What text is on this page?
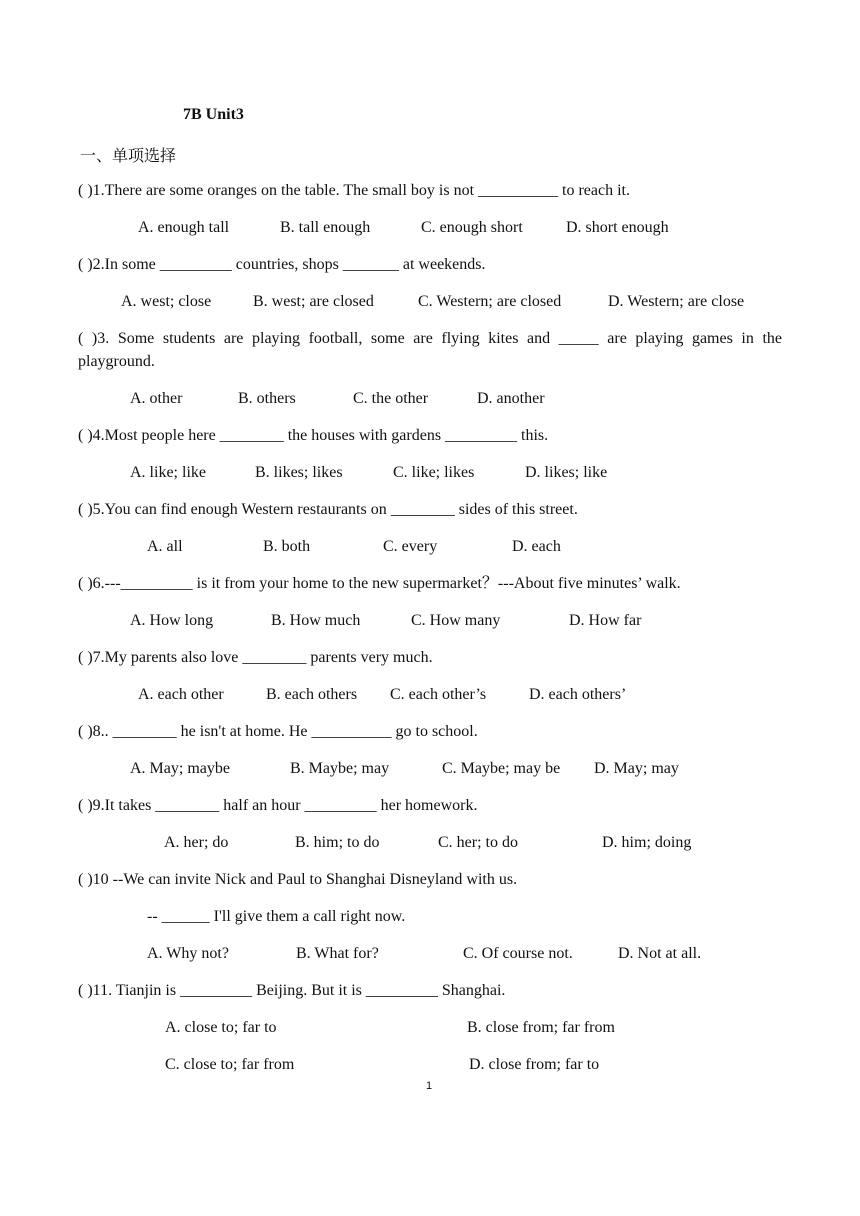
7B Unit3
一、单项选择
( )1.There are some oranges on the table. The small boy is not __________ to reach it.
A. enough tall	B. tall enough	C. enough short	D. short enough
( )2.In some _________ countries, shops _______ at weekends.
A. west; close	B. west; are closed	C. Western; are closed	D. Western; are close
( )3. Some students are playing football, some are flying kites and _____ are playing games in the playground.
A. other	B. others	C. the other	D. another
( )4.Most people here ________ the houses with gardens _________ this.
A. like; like	B. likes; likes	C. like; likes	D. likes; like
( )5.You can find enough Western restaurants on ________ sides of this street.
A. all	B. both	C. every	D. each
( )6.---_________ is it from your home to the new supermarket？---About five minutes’ walk.
A. How long	B. How much	C. How many	D. How far
( )7.My parents also love ________ parents very much.
A. each other	B. each others C. each other’s	D. each others’
( )8.. ________ he isn't at home. He __________ go to school.
A. May; maybe	B. Maybe; may	C. Maybe; may be D. May; may
( )9.It takes ________ half an hour _________ her homework.
A. her; do	B. him; to do	C. her; to do	D. him; doing
( )10 --We can invite Nick and Paul to Shanghai Disneyland with us.
-- ______ I'll give them a call right now.
A. Why not?	B. What for?	C. Of course not.	D. Not at all.
( )11. Tianjin is _________ Beijing. But it is _________ Shanghai.
A. close to; far to	B. close from; far from
C. close to; far from	D. close from; far to
1
